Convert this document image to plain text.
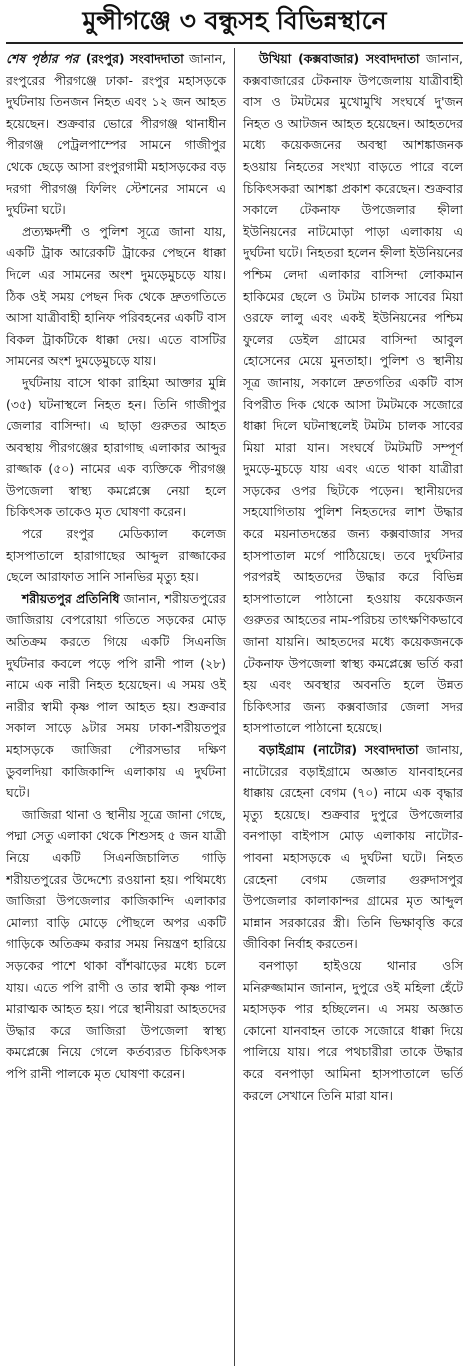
মুন্সীগঞ্জে ৩ বন্ধুসহ বিভিন্নস্থানে

শেষ পৃষ্ঠার পর (রংপুর) সংবাদদাতা জানান, রংপুরের পীরগঞ্জে ঢাকা- রংপুর মহাসড়কে দুর্ঘটনায় তিনজন নিহত এবং ১২ জন আহত হয়েছেন। শুক্রবার ভোরে পীরগঞ্জ থানাধীন পীরগঞ্জ পেট্রলপাম্পের সামনে গাজীপুর থেকে ছেড়ে আসা রংপুরগামী মহাসড়কের বড় দরগা পীরগঞ্জ ফিলিং স্টেশনের সামনে এ দুর্ঘটনা ঘটে।

প্রত্যক্ষদর্শী ও পুলিশ সূত্রে জানা যায়, একটি ট্রাক আরেকটি ট্রাকের পেছনে ধাক্কা দিলে এর সামনের অংশ দুমড়েমুচড়ে যায়। ঠিক ওই সময় পেছন দিক থেকে দ্রুতগতিতে আসা যাত্রীবাহী হানিফ পরিবহনের একটি বাস বিকল ট্রাকটিকে ধাক্কা দেয়। এতে বাসটির সামনের অংশ দুমড়েমুচড়ে যায়।

দুর্ঘটনায় বাসে থাকা রাহিমা আক্তার মুন্নি (৩৫) ঘটনাস্থলে নিহত হন। তিনি গাজীপুর জেলার বাসিন্দা। এ ছাড়া গুরুতর আহত অবস্থায় পীরগঞ্জের হারাগাছ এলাকার আব্দুর রাজ্জাক (৫০) নামের এক ব্যক্তিকে পীরগঞ্জ উপজেলা স্বাস্থ্য কমপ্লেক্সে নেয়া হলে চিকিৎসক তাকেও মৃত ঘোষণা করেন।

পরে রংপুর মেডিক্যাল কলেজ হাসপাতালে হারাগাছের আব্দুল রাজ্জাকের ছেলে আরাফাত সানি সানভির মৃত্যু হয়।

শরীয়তপুর প্রতিনিধি জানান, শরীয়তপুরের জাজিরায় বেপরোয়া গতিতে সড়কের মোড় অতিক্রম করতে গিয়ে একটি সিএনজি দুর্ঘটনার কবলে পড়ে পপি রানী পাল (২৮) নামে এক নারী নিহত হয়েছেন। এ সময় ওই নারীর স্বামী কৃষ্ণ পাল আহত হয়। শুক্রবার সকাল সাড়ে ৯টার সময় ঢাকা-শরীয়তপুর মহাসড়কে জাজিরা পৌরসভার দক্ষিণ ডুবলদিয়া কাজিকান্দি এলাকায় এ দুর্ঘটনা ঘটে।

জাজিরা থানা ও স্থানীয় সূত্রে জানা গেছে, পদ্মা সেতু এলাকা থেকে শিশুসহ ৫ জন যাত্রী নিয়ে একটি সিএনজিচালিত গাড়ি শরীয়তপুরের উদ্দেশ্যে রওয়ানা হয়। পথিমধ্যে জাজিরা উপজেলার কাজিকান্দি এলাকার মোল্যা বাড়ি মোড়ে পৌছলে অপর একটি গাড়িকে অতিক্রম করার সময় নিয়ন্ত্রণ হারিয়ে সড়কের পাশে থাকা বাঁশঝাড়ের মধ্যে চলে যায়। এতে পপি রাণী ও তার স্বামী কৃষ্ণ পাল মারাত্মক আহত হয়। পরে স্থানীয়রা আহতদের উদ্ধার করে জাজিরা উপজেলা স্বাস্থ্য কমপ্লেক্সে নিয়ে গেলে কর্তব্যরত চিকিৎসক পপি রানী পালকে মৃত ঘোষণা করেন।

উখিয়া (কক্সবাজার) সংবাদদাতা জানান, কক্সবাজারের টেকনাফ উপজেলায় যাত্রীবাহী বাস ও টমটমের মুখোমুখি সংঘর্ষে দু'জন নিহত ও আটজন আহত হয়েছেন। আহতদের মধ্যে কয়েকজনের অবস্থা আশঙ্কাজনক হওয়ায় নিহতের সংখ্যা বাড়তে পারে বলে চিকিৎসকরা আশঙ্কা প্রকাশ করেছেন। শুক্রবার সকালে টেকনাফ উপজেলার হ্নীলা ইউনিয়নের নাটমোড়া পাড়া এলাকায় এ দুর্ঘটনা ঘটে। নিহতরা হলেন হ্নীলা ইউনিয়নের পশ্চিম লেদা এলাকার বাসিন্দা লোকমান হাকিমের ছেলে ও টমটম চালক সাবের মিয়া ওরফে লালু এবং একই ইউনিয়নের পশ্চিম ফুলের ডেইল গ্রামের বাসিন্দা আবুল হোসেনের মেয়ে মুনতাহা। পুলিশ ও স্থানীয় সূত্র জানায়, সকালে দ্রুতগতির একটি বাস বিপরীত দিক থেকে আসা টমটমকে সজোরে ধাক্কা দিলে ঘটনাস্থলেই টমটম চালক সাবের মিয়া মারা যান। সংঘর্ষে টমটমটি সম্পূর্ণ দুমড়ে-মুচড়ে যায় এবং এতে থাকা যাত্রীরা সড়কের ওপর ছিটকে পড়েন। স্থানীয়দের সহযোগিতায় পুলিশ নিহতদের লাশ উদ্ধার করে ময়নাতদন্তের জন্য কক্সবাজার সদর হাসপাতাল মর্গে পাঠিয়েছে। তবে দুর্ঘটনার পরপরই আহতদের উদ্ধার করে বিভিন্ন হাসপাতালে পাঠানো হওয়ায় কয়েকজন গুরুতর আহতের নাম-পরিচয় তাৎক্ষণিকভাবে জানা যায়নি। আহতদের মধ্যে কয়েকজনকে টেকনাফ উপজেলা স্বাস্থ্য কমপ্লেক্সে ভর্তি করা হয় এবং অবস্থার অবনতি হলে উন্নত চিকিৎসার জন্য কক্সবাজার জেলা সদর হাসপাতালে পাঠানো হয়েছে।

বড়াইগ্রাম (নাটোর) সংবাদদাতা জানায়, নাটোরের বড়াইগ্রামে অজ্ঞাত যানবাহনের ধাক্কায় রেহেনা বেগম (৭০) নামে এক বৃদ্ধার মৃত্যু হয়েছে। শুক্রবার দুপুরে উপজেলার বনপাড়া বাইপাস মোড় এলাকায় নাটোর-পাবনা মহাসড়কে এ দুর্ঘটনা ঘটে। নিহত রেহেনা বেগম জেলার গুরুদাসপুর উপজেলার কালাকান্দর গ্রামের মৃত আব্দুল মান্নান সরকারের স্ত্রী। তিনি ভিক্ষাবৃত্তি করে জীবিকা নির্বাহ করতেন।

বনপাড়া হাইওয়ে থানার ওসি মনিরুজ্জামান জানান, দুপুরে ওই মহিলা হেঁটে মহাসড়ক পার হচ্ছিলেন। এ সময় অজ্ঞাত কোনো যানবাহন তাকে সজোরে ধাক্কা দিয়ে পালিয়ে যায়। পরে পথচারীরা তাকে উদ্ধার করে বনপাড়া আমিনা হাসপাতালে ভর্তি করলে সেখানে তিনি মারা যান।
